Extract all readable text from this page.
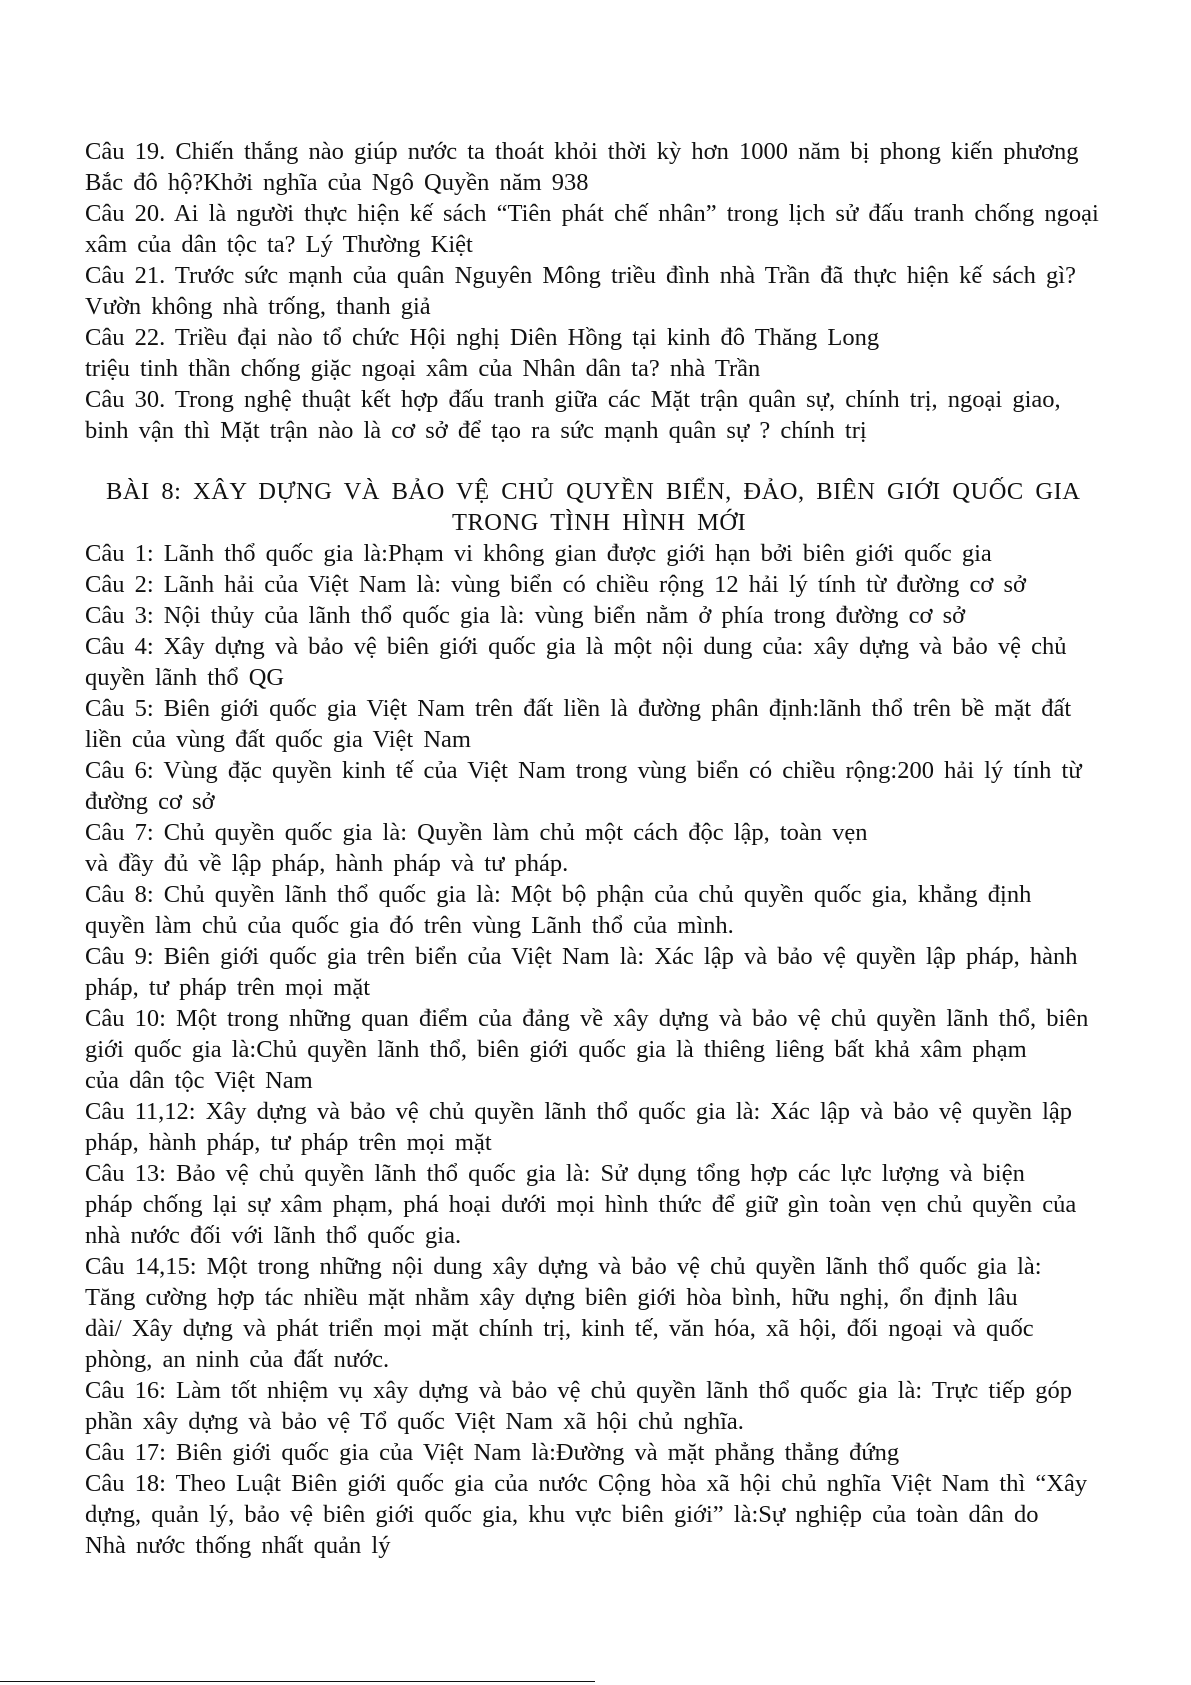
Câu 19. Chiến thắng nào giúp nước ta thoát khỏi thời kỳ hơn 1000 năm bị phong kiến phương
Bắc đô hộ?Khởi nghĩa của Ngô Quyền năm 938
Câu 20. Ai là người thực hiện kế sách “Tiên phát chế nhân” trong lịch sử đấu tranh chống ngoại
xâm của dân tộc ta? Lý Thường Kiệt
Câu 21. Trước sức mạnh của quân Nguyên Mông triều đình nhà Trần đã thực hiện kế sách gì?
Vườn không nhà trống, thanh giả
Câu 22. Triều đại nào tổ chức Hội nghị Diên Hồng tại kinh đô Thăng Long
triệu tinh thần chống giặc ngoại xâm của Nhân dân ta? nhà Trần
Câu 30. Trong nghệ thuật kết hợp đấu tranh giữa các Mặt trận quân sự, chính trị, ngoại giao,
binh vận thì Mặt trận nào là cơ sở để tạo ra sức mạnh quân sự ? chính trị
BÀI 8: XÂY DỰNG VÀ BẢO VỆ CHỦ QUYỀN BIỂN, ĐẢO, BIÊN GIỚI QUỐC GIA
TRONG TÌNH HÌNH MỚI
Câu 1: Lãnh thổ quốc gia là:Phạm vi không gian được giới hạn bởi biên giới quốc gia
Câu 2: Lãnh hải của Việt Nam là: vùng biển có chiều rộng 12 hải lý tính từ đường cơ sở
Câu 3: Nội thủy của lãnh thổ quốc gia là: vùng biển nằm ở phía trong đường cơ sở
Câu 4: Xây dựng và bảo vệ biên giới quốc gia là một nội dung của: xây dựng và bảo vệ chủ
quyền lãnh thổ QG
Câu 5: Biên giới quốc gia Việt Nam trên đất liền là đường phân định:lãnh thổ trên bề mặt đất
liền của vùng đất quốc gia Việt Nam
Câu 6: Vùng đặc quyền kinh tế của Việt Nam trong vùng biển có chiều rộng:200 hải lý tính từ
đường cơ sở
Câu 7: Chủ quyền quốc gia là: Quyền làm chủ một cách độc lập, toàn vẹn
và đầy đủ về lập pháp, hành pháp và tư pháp.
Câu 8: Chủ quyền lãnh thổ quốc gia là: Một bộ phận của chủ quyền quốc gia, khẳng định
quyền làm chủ của quốc gia đó trên vùng Lãnh thổ của mình.
Câu 9: Biên giới quốc gia trên biển của Việt Nam là: Xác lập và bảo vệ quyền lập pháp, hành
pháp, tư pháp trên mọi mặt
Câu 10: Một trong những quan điểm của đảng về xây dựng và bảo vệ chủ quyền lãnh thổ, biên
giới quốc gia là:Chủ quyền lãnh thổ, biên giới quốc gia là thiêng liêng bất khả xâm phạm
của dân tộc Việt Nam
Câu 11,12: Xây dựng và bảo vệ chủ quyền lãnh thổ quốc gia là: Xác lập và bảo vệ quyền lập
pháp, hành pháp, tư pháp trên mọi mặt
Câu 13: Bảo vệ chủ quyền lãnh thổ quốc gia là: Sử dụng tổng hợp các lực lượng và biện
pháp chống lại sự xâm phạm, phá hoại dưới mọi hình thức để giữ gìn toàn vẹn chủ quyền của
nhà nước đối với lãnh thổ quốc gia.
Câu 14,15: Một trong những nội dung xây dựng và bảo vệ chủ quyền lãnh thổ quốc gia là:
Tăng cường hợp tác nhiều mặt nhằm xây dựng biên giới hòa bình, hữu nghị, ổn định lâu
dài/ Xây dựng và phát triển mọi mặt chính trị, kinh tế, văn hóa, xã hội, đối ngoại và quốc
phòng, an ninh của đất nước.
Câu 16: Làm tốt nhiệm vụ xây dựng và bảo vệ chủ quyền lãnh thổ quốc gia là: Trực tiếp góp
phần xây dựng và bảo vệ Tổ quốc Việt Nam xã hội chủ nghĩa.
Câu 17: Biên giới quốc gia của Việt Nam là:Đường và mặt phẳng thẳng đứng
Câu 18: Theo Luật Biên giới quốc gia của nước Cộng hòa xã hội chủ nghĩa Việt Nam thì “Xây
dựng, quản lý, bảo vệ biên giới quốc gia, khu vực biên giới” là:Sự nghiệp của toàn dân do
Nhà nước thống nhất quản lý
